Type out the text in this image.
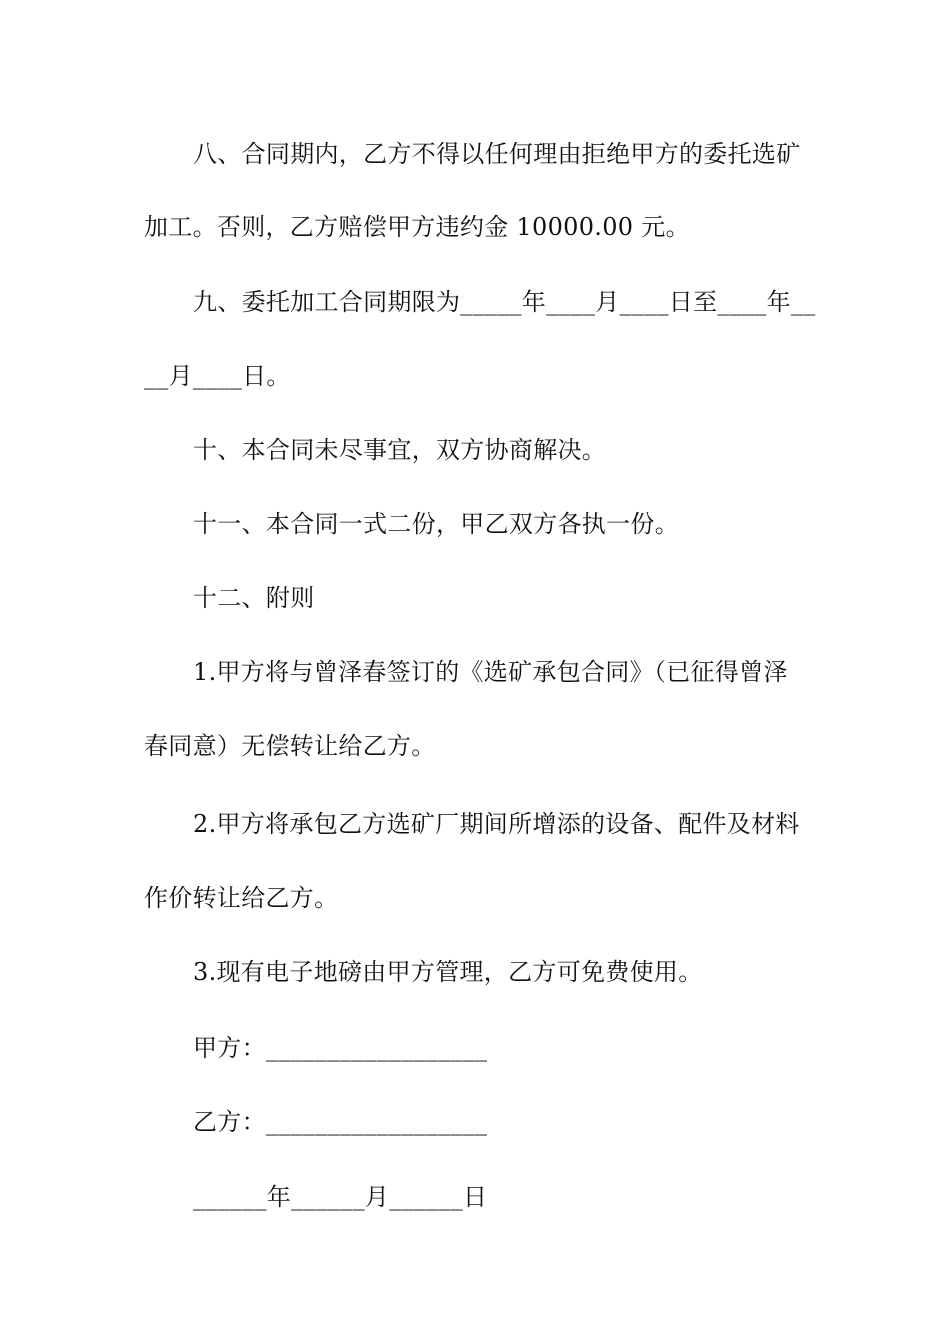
八、合同期内，乙方不得以任何理由拒绝甲方的委托选矿
加工。否则，乙方赔偿甲方违约金 10000.00 元。
九、委托加工合同期限为_____年____月____日至____年__
__月____日。
十、本合同未尽事宜，双方协商解决。
十一、本合同一式二份，甲乙双方各执一份。
十二、附则
1.甲方将与曾泽春签订的《选矿承包合同》（已征得曾泽
春同意）无偿转让给乙方。
2.甲方将承包乙方选矿厂期间所增添的设备、配件及材料
作价转让给乙方。
3.现有电子地磅由甲方管理，乙方可免费使用。
甲方：__________________
乙方：__________________
______年______月______日
